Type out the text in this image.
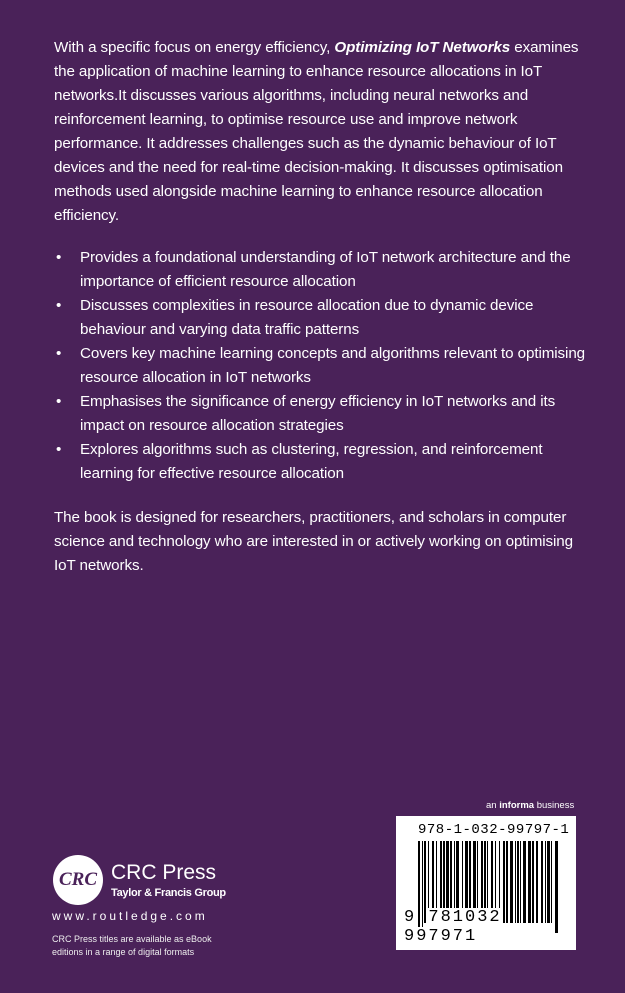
With a specific focus on energy efficiency, Optimizing IoT Networks examines the application of machine learning to enhance resource allocations in IoT networks.It discusses various algorithms, including neural networks and reinforcement learning, to optimise resource use and improve network performance. It addresses challenges such as the dynamic behaviour of IoT devices and the need for real-time decision-making. It discusses optimisation methods used alongside machine learning to enhance resource allocation efficiency.

• Provides a foundational understanding of IoT network architecture and the importance of efficient resource allocation
• Discusses complexities in resource allocation due to dynamic device behaviour and varying data traffic patterns
• Covers key machine learning concepts and algorithms relevant to optimising resource allocation in IoT networks
• Emphasises the significance of energy efficiency in IoT networks and its impact on resource allocation strategies
• Explores algorithms such as clustering, regression, and reinforcement learning for effective resource allocation

The book is designed for researchers, practitioners, and scholars in computer science and technology who are interested in or actively working on optimising IoT networks.

an informa business
978-1-032-99797-1
9 781032 997971
CRC CRC Press
Taylor & Francis Group
www.routledge.com
CRC Press titles are available as eBook editions in a range of digital formats
